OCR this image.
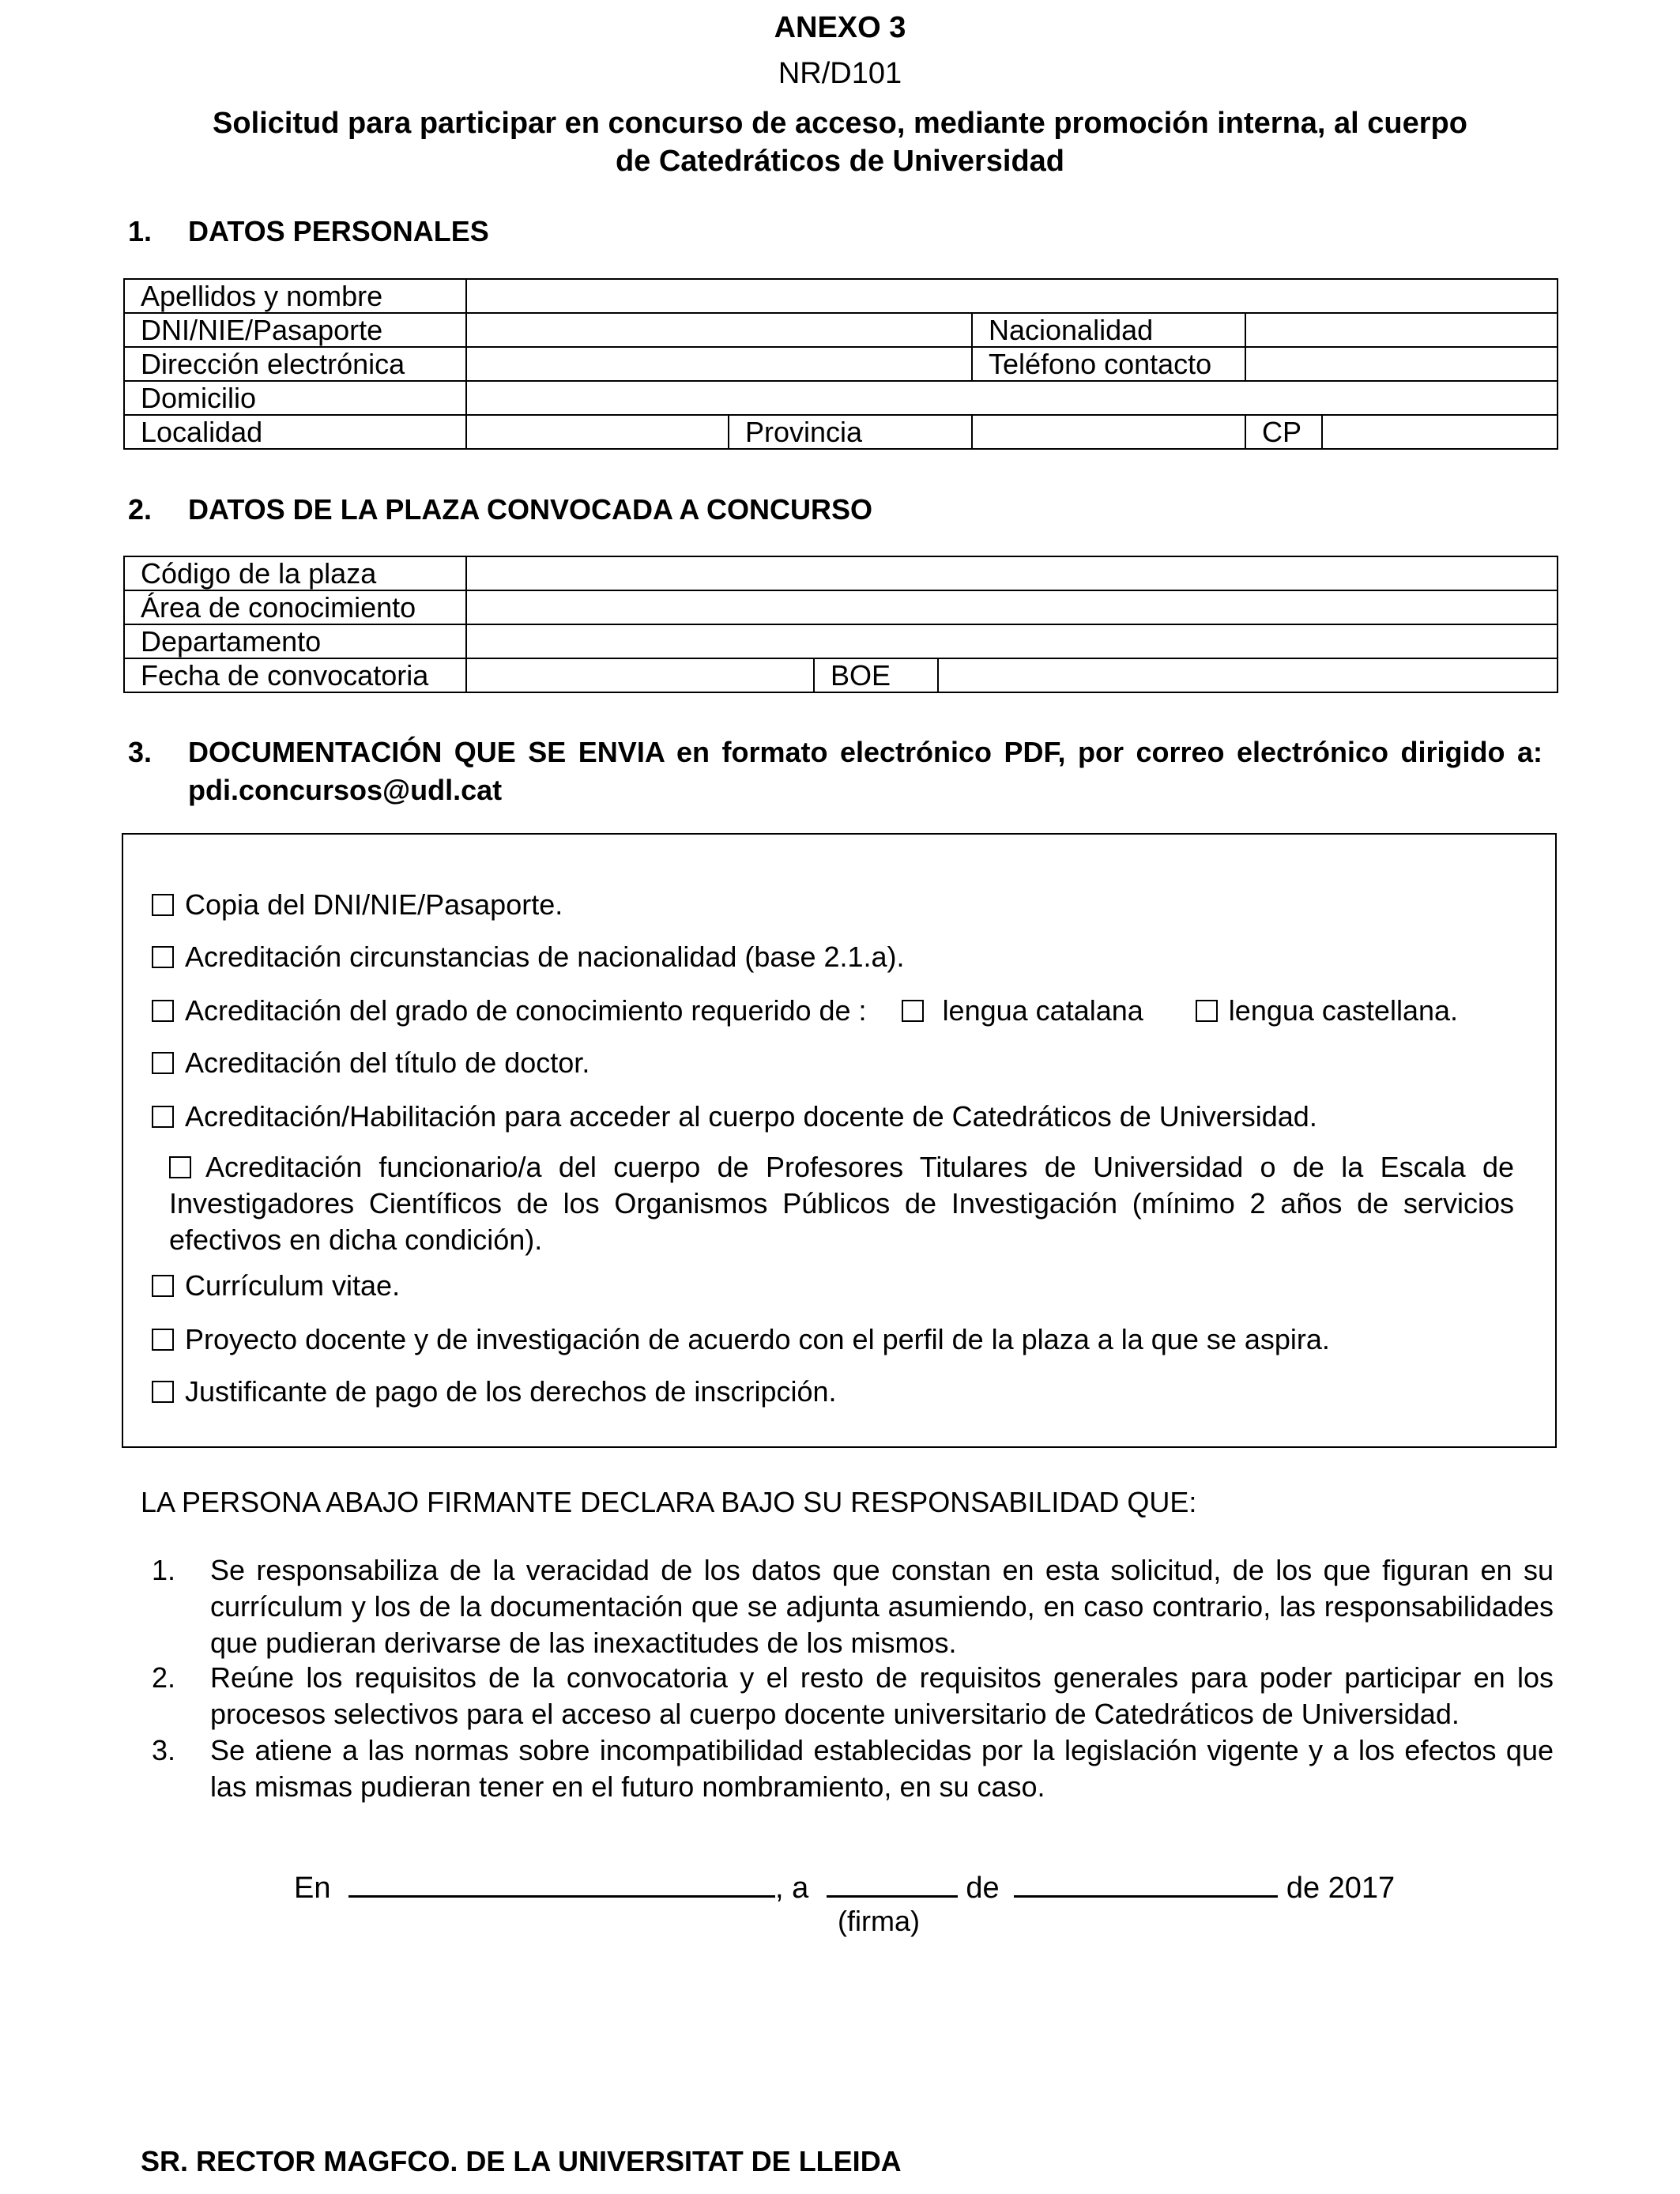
ANEXO 3
NR/D101
Solicitud para participar en concurso de acceso, mediante promoción interna, al cuerpo
de Catedráticos de Universidad
1. DATOS PERSONALES
Apellidos y nombre					
DNI/NIE/Pasaporte			Nacionalidad		
Dirección electrónica			Teléfono contacto		
Domicilio					
Localidad		Provincia		CP	
2. DATOS DE LA PLAZA CONVOCADA A CONCURSO
Código de la plaza			
Área de conocimiento			
Departamento			
Fecha de convocatoria		BOE	
3. DOCUMENTACIÓN QUE SE ENVIA en formato electrónico PDF, por correo electrónico dirigido a: pdi.concursos@udl.cat
Copia del DNI/NIE/Pasaporte.
Acreditación circunstancias de nacionalidad (base 2.1.a).
Acreditación del grado de conocimiento requerido de :	lengua catalana	lengua castellana.
Acreditación del título de doctor.
Acreditación/Habilitación para acceder al cuerpo docente de Catedráticos de Universidad.
Acreditación funcionario/a del cuerpo de Profesores Titulares de Universidad o de la Escala de Investigadores Científicos de los Organismos Públicos de Investigación (mínimo 2 años de servicios efectivos en dicha condición).
Currículum vitae.
Proyecto docente y de investigación de acuerdo con el perfil de la plaza a la que se aspira.
Justificante de pago de los derechos de inscripción.
LA PERSONA ABAJO FIRMANTE DECLARA BAJO SU RESPONSABILIDAD QUE:
1. Se responsabiliza de la veracidad de los datos que constan en esta solicitud, de los que figuran en su currículum y los de la documentación que se adjunta asumiendo, en caso contrario, las responsabilidades que pudieran derivarse de las inexactitudes de los mismos.
2. Reúne los requisitos de la convocatoria y el resto de requisitos generales para poder participar en los procesos selectivos para el acceso al cuerpo docente universitario de Catedráticos de Universidad.
3. Se atiene a las normas sobre incompatibilidad establecidas por la legislación vigente y a los efectos que las mismas pudieran tener en el futuro nombramiento, en su caso.
En	, a	de	de 2017
(firma)
SR. RECTOR MAGFCO. DE LA UNIVERSITAT DE LLEIDA
